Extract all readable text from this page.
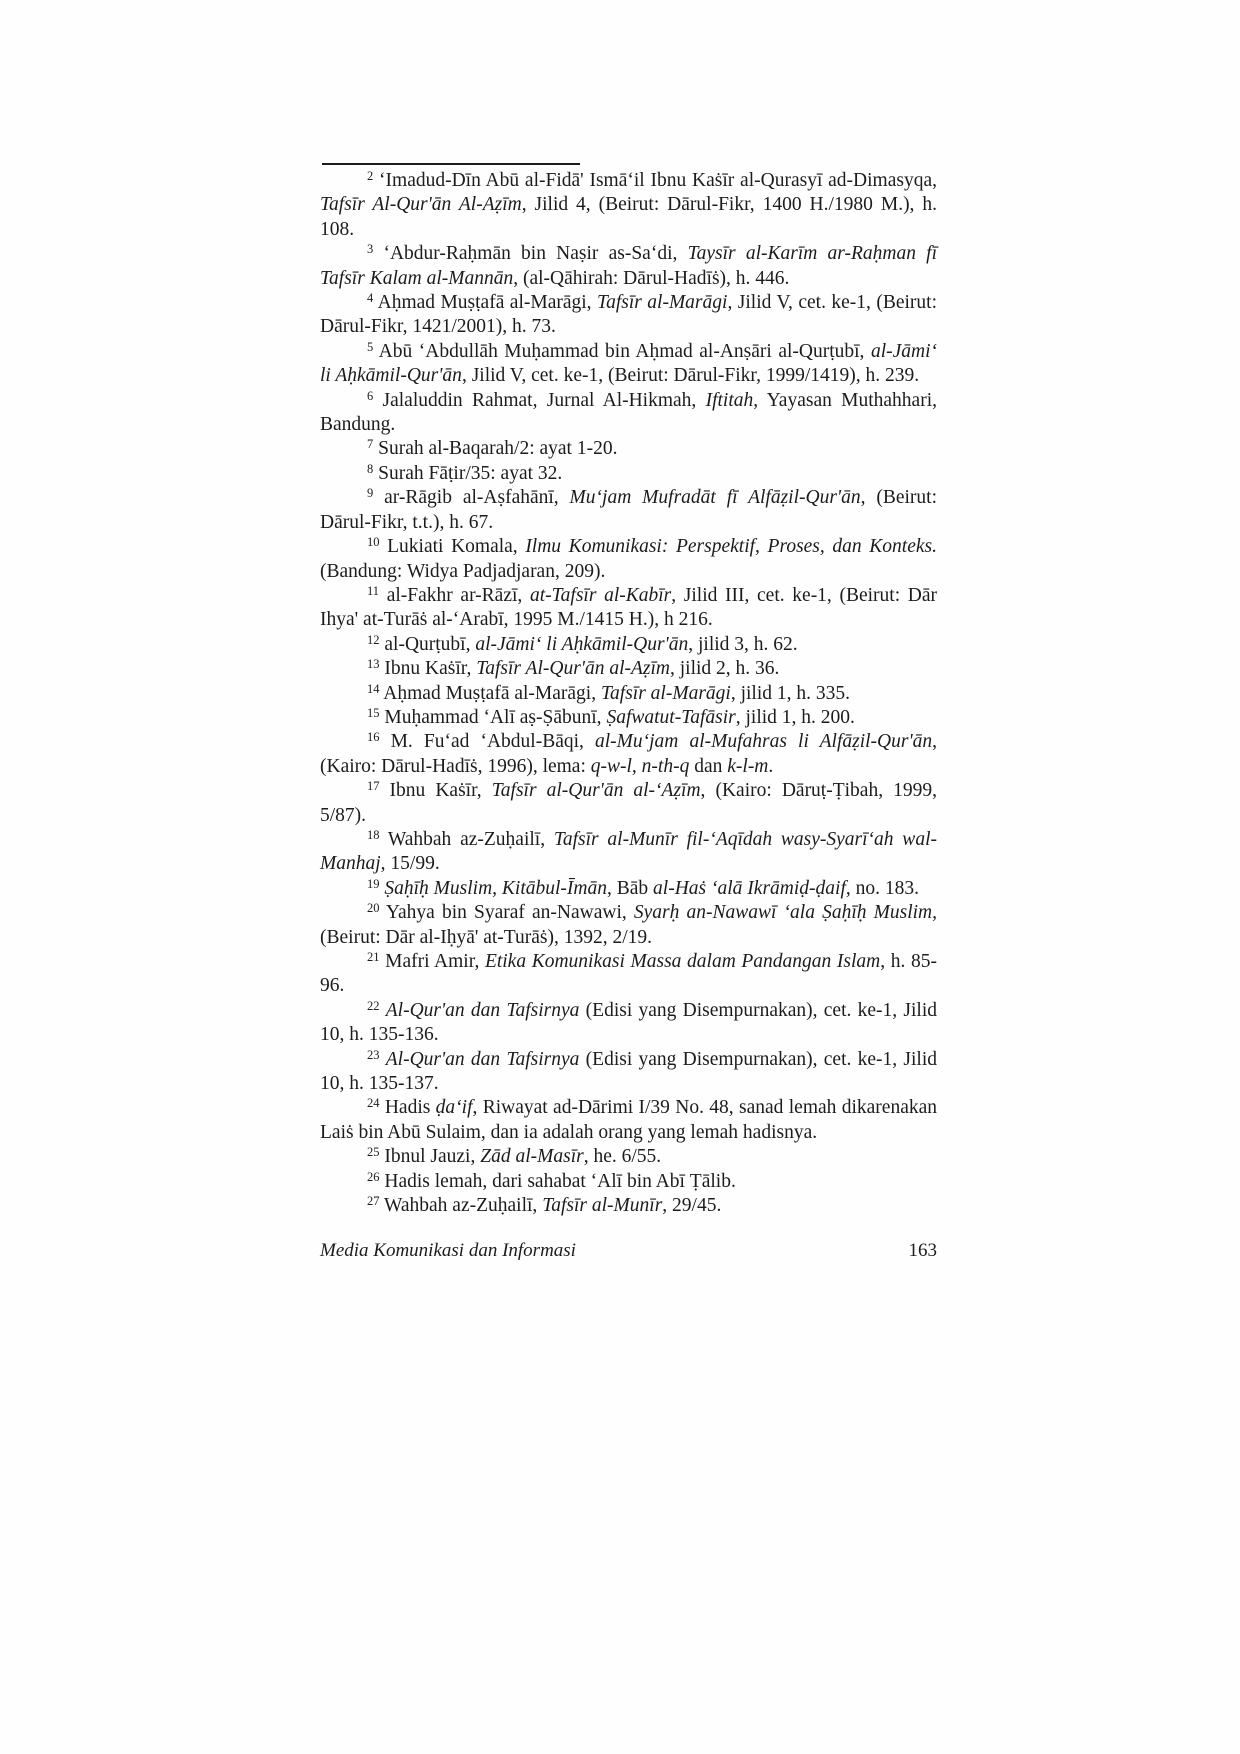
$^2$ ‘Imadud-Dīn Abū al-Fidā' Ismā‘il Ibnu Kaṡīr al-Qurasyī ad-Dimasyqa, Tafsīr Al-Qur'ān Al-Aẓīm, Jilid 4, (Beirut: Dārul-Fikr, 1400 H./1980 M.), h. 108.

$^3$ ‘Abdur-Raḥmān bin Naṣir as-Sa‘di, Taysīr al-Karīm ar-Raḥman fī Tafsīr Kalam al-Mannān, (al-Qāhirah: Dārul-Hadīṡ), h. 446.

$^4$ Aḥmad Muṣṭafā al-Marāgi, Tafsīr al-Marāgi, Jilid V, cet. ke-1, (Beirut: Dārul-Fikr, 1421/2001), h. 73.

$^5$ Abū ‘Abdullāh Muḥammad bin Aḥmad al-Anṣāri al-Qurṭubī, al-Jāmi‘ li Aḥkāmil-Qur'ān, Jilid V, cet. ke-1, (Beirut: Dārul-Fikr, 1999/1419), h. 239.

$^6$ Jalaluddin Rahmat, Jurnal Al-Hikmah, Iftitah, Yayasan Muthahhari, Bandung.

$^7$ Surah al-Baqarah/2: ayat 1-20.

$^8$ Surah Fāṭir/35: ayat 32.

$^9$ ar-Rāgib al-Aṣfahānī, Mu‘jam Mufradāt fī Alfāẓil-Qur'ān, (Beirut: Dārul-Fikr, t.t.), h. 67.

$^{10}$ Lukiati Komala, Ilmu Komunikasi: Perspektif, Proses, dan Konteks. (Bandung: Widya Padjadjaran, 209).

$^{11}$ al-Fakhr ar-Rāzī, at-Tafsīr al-Kabīr, Jilid III, cet. ke-1, (Beirut: Dār Ihya' at-Turāṡ al-‘Arabī, 1995 M./1415 H.), h 216.

$^{12}$ al-Qurṭubī, al-Jāmi‘ li Aḥkāmil-Qur'ān, jilid 3, h. 62.

$^{13}$ Ibnu Kaṡīr, Tafsīr Al-Qur'ān al-Aẓīm, jilid 2, h. 36.

$^{14}$ Aḥmad Muṣṭafā al-Marāgi, Tafsīr al-Marāgi, jilid 1, h. 335.

$^{15}$ Muḥammad ‘Alī aṣ-Ṣābunī, Ṣafwatut-Tafāsir, jilid 1, h. 200.

$^{16}$ M. Fu‘ad ‘Abdul-Bāqi, al-Mu‘jam al-Mufahras li Alfāẓil-Qur'ān, (Kairo: Dārul-Hadīṡ, 1996), lema: q-w-l, n-th-q dan k-l-m.

$^{17}$ Ibnu Kaṡīr, Tafsīr al-Qur'ān al-‘Aẓīm, (Kairo: Dāruṭ-Ṭibah, 1999, 5/87).

$^{18}$ Wahbah az-Zuḥailī, Tafsīr al-Munīr fil-‘Aqīdah wasy-Syarī‘ah wal-Manhaj, 15/99.

$^{19}$ Ṣaḥīḥ Muslim, Kitābul-Īmān, Bāb al-Haṡ ‘alā Ikrāmiḍ-ḍaif, no. 183.

$^{20}$ Yahya bin Syaraf an-Nawawi, Syarḥ an-Nawawī ‘ala Ṣaḥīḥ Muslim, (Beirut: Dār al-Iḥyā' at-Turāṡ), 1392, 2/19.

$^{21}$ Mafri Amir, Etika Komunikasi Massa dalam Pandangan Islam, h. 85-96.

$^{22}$ Al-Qur'an dan Tafsirnya (Edisi yang Disempurnakan), cet. ke-1, Jilid 10, h. 135-136.

$^{23}$ Al-Qur'an dan Tafsirnya (Edisi yang Disempurnakan), cet. ke-1, Jilid 10, h. 135-137.

$^{24}$ Hadis ḍa‘if, Riwayat ad-Dārimi I/39 No. 48, sanad lemah dikarenakan Laiṡ bin Abū Sulaim, dan ia adalah orang yang lemah hadisnya.

$^{25}$ Ibnul Jauzi, Zād al-Masīr, he. 6/55.

$^{26}$ Hadis lemah, dari sahabat ‘Alī bin Abī Ṭālib.

$^{27}$ Wahbah az-Zuḥailī, Tafsīr al-Munīr, 29/45.

Media Komunikasi dan Informasi	163
